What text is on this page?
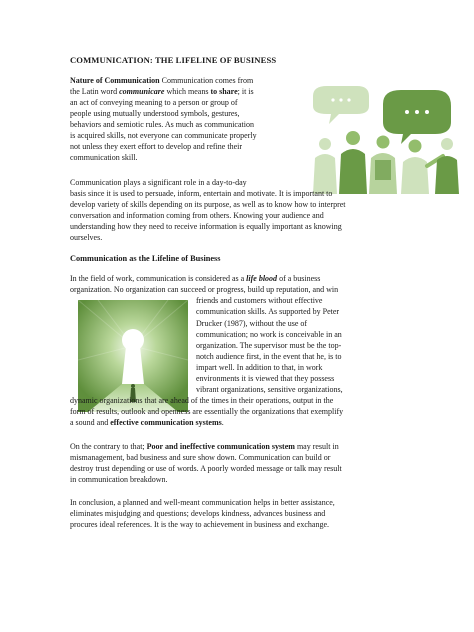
COMMUNICATION: THE LIFELINE OF BUSINESS
Nature of Communication Communication comes from
the Latin word communicare which means to share; it is
an act of conveying meaning to a person or group of
people using mutually understood symbols, gestures,
behaviors and semiotic rules. As much as communication
is acquired skills, not everyone can communicate properly
not unless they exert effort to develop and refine their
communication skill.
Communication plays a significant role in a day-to-day
basis since it is used to persuade, inform, entertain and motivate. It is important to
develop variety of skills depending on its purpose, as well as to know how to interpret
conversation and information coming from others. Knowing your audience and
understanding how they need to receive information is equally important as knowing
ourselves.
Communication as the Lifeline of Business
In the field of work, communication is considered as a life blood of a business
organization. No organization can succeed or progress, build up reputation, and win
friends and customers without effective
communication skills. As supported by Peter
Drucker (1987), without the use of
communication; no work is conceivable in an
organization. The supervisor must be the top-
notch audience first, in the event that he, is to
impart well. In addition to that, in work
environments it is viewed that they possess
vibrant organizations, sensitive organizations,
dynamic organizations that are ahead of the times in their operations, output in the
form of results, outlook and openness are essentially the organizations that exemplify
a sound and effective communication systems.
On the contrary to that; Poor and ineffective communication system may result in
mismanagement, bad business and sure show down. Communication can build or
destroy trust depending or use of words. A poorly worded message or talk may result
in communication breakdown.
In conclusion, a planned and well-meant communication helps in better assistance,
eliminates misjudging and questions; develops kindness, advances business and
procures ideal references. It is the way to achievement in business and exchange.
